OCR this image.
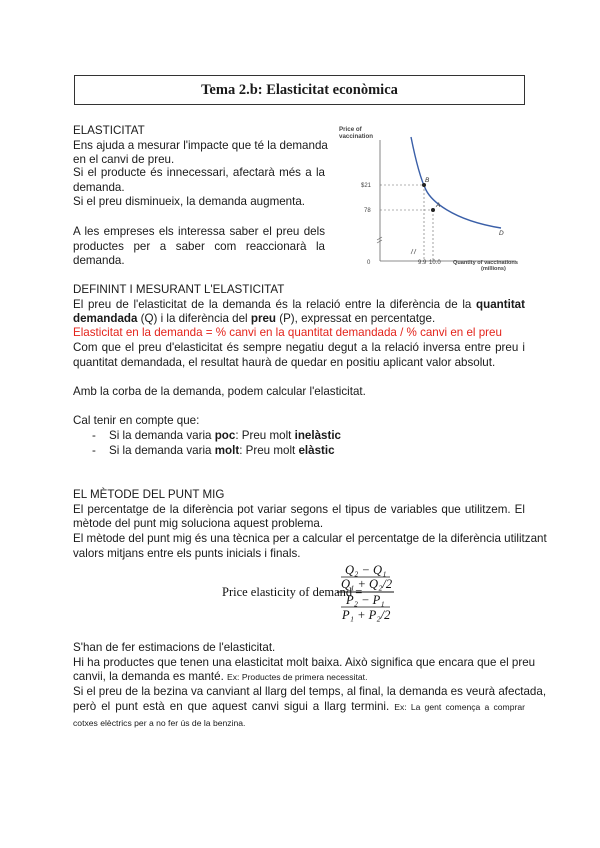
Tema 2.b: Elasticitat econòmica
ELASTICITAT
Ens ajuda a mesurar l'impacte que té la demanda
en el canvi de preu.
Si el producte és innecessari, afectarà més a la
demanda.
Si el preu disminueix, la demanda augmenta.
A les empreses els interessa saber el preu dels
productes per a saber com reaccionarà la
demanda.
Price of
vaccination
B
A
D
$21
78
0	9.9 10.0 Quantity of vaccinations
(millions)
DEFININT I MESURANT L'ELASTICITAT
El preu de l'elasticitat de la demanda és la relació entre la diferència de la quantitat
demandada (Q) i la diferència del preu (P), expressat en percentatge.
Elasticitat en la demanda = % canvi en la quantitat demandada / % canvi en el preu
Com que el preu d'elasticitat és sempre negatiu degut a la relació inversa entre preu i
quantitat demandada, el resultat haurà de quedar en positiu aplicant valor absolut.
Amb la corba de la demanda, podem calcular l'elasticitat.
Cal tenir en compte que:
- Si la demanda varia poc: Preu molt inelàstic
- Si la demanda varia molt: Preu molt elàstic
EL MÈTODE DEL PUNT MIG
El percentatge de la diferència pot variar segons el tipus de variables que utilitzem. El
mètode del punt mig soluciona aquest problema.
El mètode del punt mig és una tècnica per a calcular el percentatge de la diferència utilitzant
valors mitjans entre els punts inicials i finals.
Price elasticity of demand =
Q₂ − Q₁
Q₁ + Q₂/2
P₂ − P₁
P₁ + P₂/2
S'han de fer estimacions de l'elasticitat.
Hi ha productes que tenen una elasticitat molt baixa. Això significa que encara que el preu
canvii, la demanda es manté. Ex: Productes de primera necessitat.
Si el preu de la bezina va canviant al llarg del temps, al final, la demanda es veurà afectada,
però el punt està en que aquest canvi sigui a llarg termini. Ex: La gent comença a comprar
cotxes elèctrics per a no fer ús de la benzina.
